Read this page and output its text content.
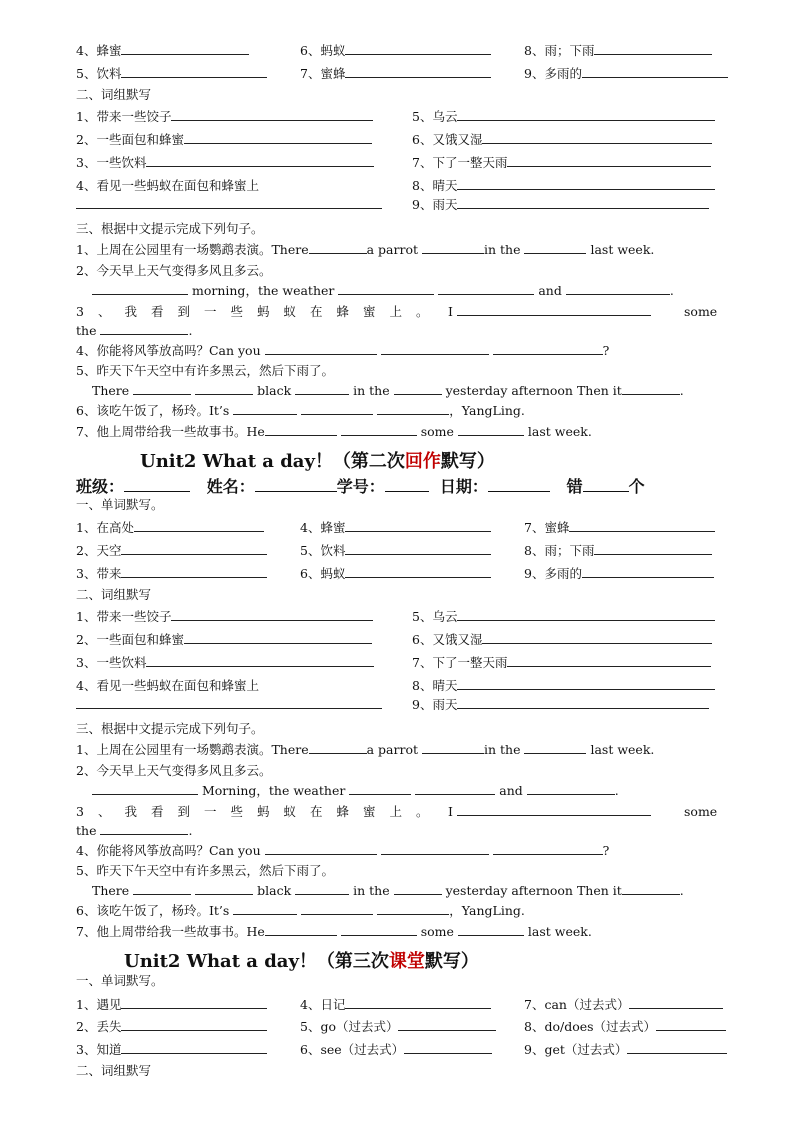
4、蜂蜜	6、蚂蚁	8、雨；下雨
5、饮料	7、蜜蜂	9、多雨的
二、词组默写
1、带来一些饺子
2、一些面包和蜂蜜
3、一些饮料
4、看见一些蚂蚁在面包和蜂蜜上
5、乌云
6、又饿又湿
7、下了一整天雨
8、晴天
9、雨天
三、根据中文提示完成下列句子。
1、上周在公园里有一场鹦鹉表演。There	a parrot	in the	last week.
2、今天早上天气变得多风且多云。
morning，the weather	and	.
3、我看到一些蚂蚁在蜂蜜上。 I	some
the	.
4、你能将风筝放高吗？Can you	?
5、昨天下午天空中有许多黑云，然后下雨了。
There	black	in the	yesterday afternoon Then it	.
6、该吃午饭了，杨玲。It’s	，YangLing.
7、他上周带给我一些故事书。He	some	last week.
Unit2 What a day！（第二次回作默写）
班级：	姓名：	学号：	日期：	错	个
一、单词默写。
1、在高处	4、蜂蜜	7、蜜蜂
2、天空	5、饮料	8、雨；下雨
3、带来	6、蚂蚁	9、多雨的
二、词组默写
1、带来一些饺子
2、一些面包和蜂蜜
3、一些饮料
4、看见一些蚂蚁在面包和蜂蜜上
5、乌云
6、又饿又湿
7、下了一整天雨
8、晴天
9、雨天
三、根据中文提示完成下列句子。
1、上周在公园里有一场鹦鹉表演。There	a parrot	in the	last week.
2、今天早上天气变得多风且多云。
Morning，the weather	and	.
3、我看到一些蚂蚁在蜂蜜上。 I	some
the	.
4、你能将风筝放高吗？Can you	?
5、昨天下午天空中有许多黑云，然后下雨了。
There	black	in the	yesterday afternoon Then it	.
6、该吃午饭了，杨玲。It’s	，YangLing.
7、他上周带给我一些故事书。He	some	last week.
Unit2 What a day！（第三次课堂默写）
一、单词默写。
1、遇见	4、日记	7、can（过去式）
2、丢失	5、go（过去式）	8、do/does（过去式）
3、知道	6、see（过去式）	9、get（过去式）
二、词组默写
